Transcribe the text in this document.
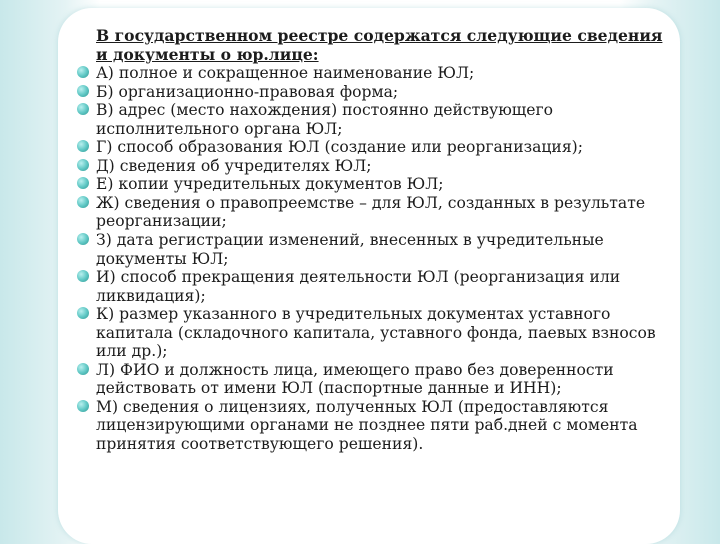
В государственном реестре содержатся следующие сведения и документы о юр.лице:

А) полное и сокращенное наименование ЮЛ;
Б) организационно-правовая форма;
В) адрес (место нахождения) постоянно действующего исполнительного органа ЮЛ;
Г) способ образования ЮЛ (создание или реорганизация);
Д) сведения об учредителях ЮЛ;
Е) копии учредительных документов ЮЛ;
Ж) сведения о правопреемстве – для ЮЛ, созданных в результате реорганизации;
З) дата регистрации изменений, внесенных в учредительные документы ЮЛ;
И) способ прекращения деятельности ЮЛ (реорганизация или ликвидация);
К) размер указанного в учредительных документах уставного капитала (складочного капитала, уставного фонда, паевых взносов или др.);
Л) ФИО и должность лица, имеющего право без доверенности действовать от имени ЮЛ (паспортные данные и ИНН);
М) сведения о лицензиях, полученных ЮЛ (предоставляются лицензирующими органами не позднее пяти раб.дней с момента принятия соответствующего решения).
